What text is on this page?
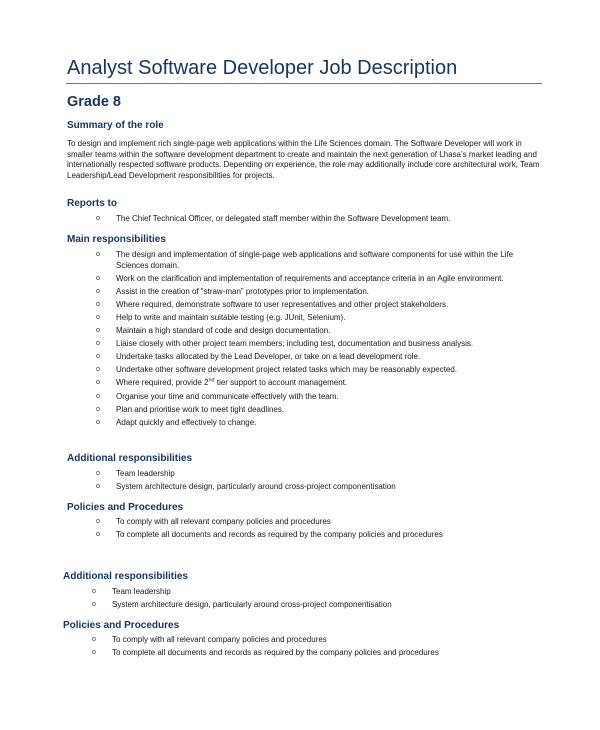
Analyst Software Developer Job Description
Grade 8
Summary of the role

To design and implement rich single-page web applications within the Life Sciences domain. The Software Developer will work in smaller teams within the software development department to create and maintain the next generation of Lhasa’s market leading and internationally respected software products. Depending on experience, the role may additionally include core architectural work, Team Leadership/Lead Development responsibilities for projects.

Reports to
o The Chief Technical Officer, or delegated staff member within the Software Development team.
Main responsibilities
o The design and implementation of single-page web applications and software components for use within the Life Sciences domain.
o Work on the clarification and implementation of requirements and acceptance criteria in an Agile environment.
o Assist in the creation of “straw-man” prototypes prior to implementation.
o Where required, demonstrate software to user representatives and other project stakeholders.
o Help to write and maintain suitable testing (e.g. JUnit, Selenium).
o Maintain a high standard of code and design documentation.
o Liaise closely with other project team members; including test, documentation and business analysis.
o Undertake tasks allocated by the Lead Developer, or take on a lead development role.
o Undertake other software development project related tasks which may be reasonably expected.
o Where required, provide 2nd tier support to account management.
o Organise your time and communicate effectively with the team.
o Plan and prioritise work to meet tight deadlines.
o Adapt quickly and effectively to change.
Additional responsibilities
o Team leadership
o System architecture design, particularly around cross-project componentisation
Policies and Procedures
o To comply with all relevant company policies and procedures
o To complete all documents and records as required by the company policies and procedures
Additional responsibilities
o Team leadership
o System architecture design, particularly around cross-project componentisation
Policies and Procedures
o To comply with all relevant company policies and procedures
o To complete all documents and records as required by the company policies and procedures
